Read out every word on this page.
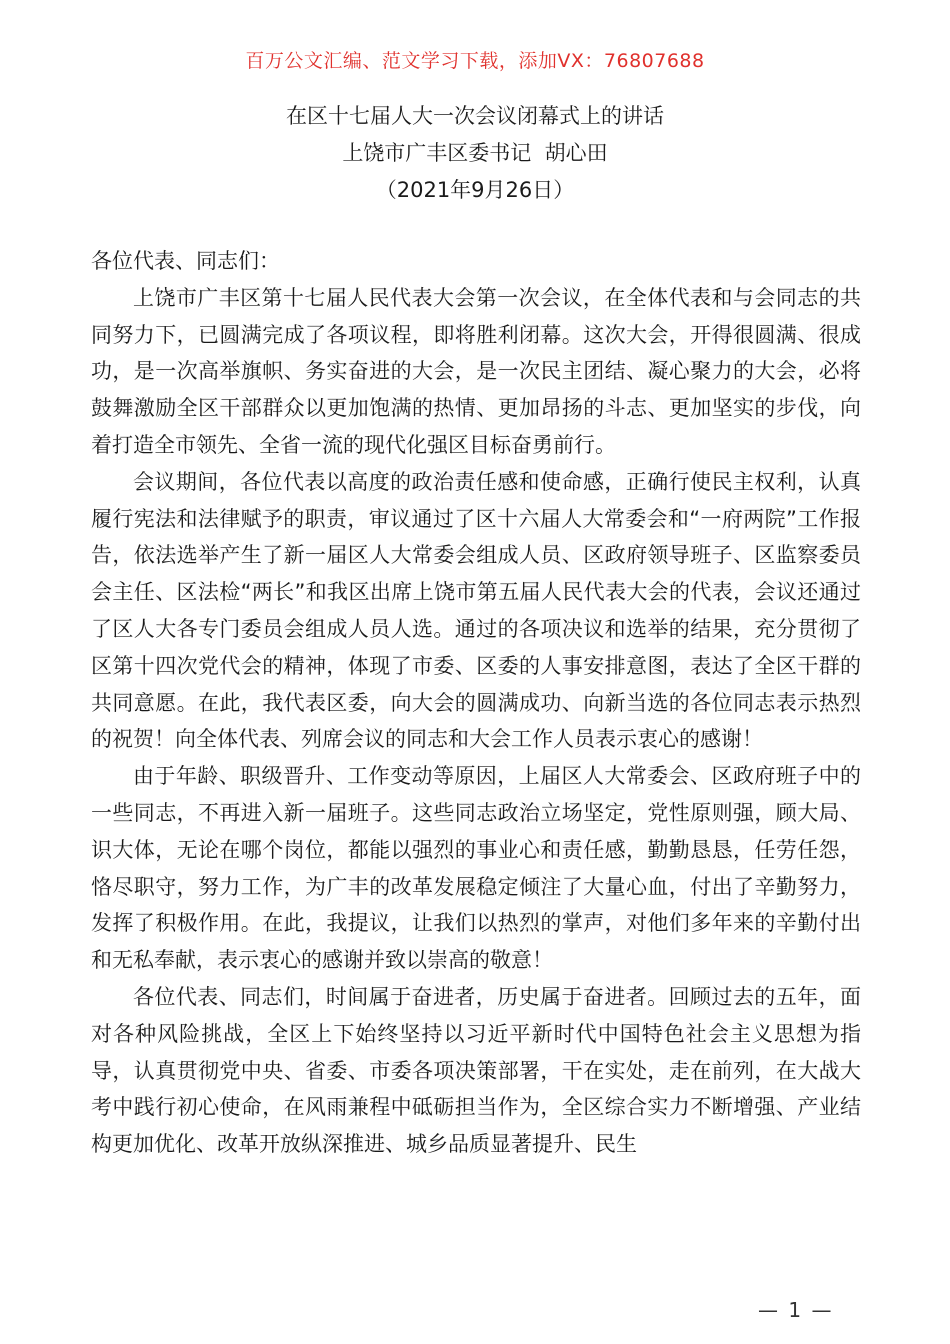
百万公文汇编、范文学习下载，添加VX：76807688
在区十七届人大一次会议闭幕式上的讲话
上饶市广丰区委书记  胡心田
（2021年9月26日）

各位代表、同志们：

上饶市广丰区第十七届人民代表大会第一次会议，在全体代表和与会同志的共同努力下，已圆满完成了各项议程，即将胜利闭幕。这次大会，开得很圆满、很成功，是一次高举旗帜、务实奋进的大会，是一次民主团结、凝心聚力的大会，必将鼓舞激励全区干部群众以更加饱满的热情、更加昂扬的斗志、更加坚实的步伐，向着打造全市领先、全省一流的现代化强区目标奋勇前行。

会议期间，各位代表以高度的政治责任感和使命感，正确行使民主权利，认真履行宪法和法律赋予的职责，审议通过了区十六届人大常委会和“一府两院”工作报告，依法选举产生了新一届区人大常委会组成人员、区政府领导班子、区监察委员会主任、区法检“两长”和我区出席上饶市第五届人民代表大会的代表，会议还通过了区人大各专门委员会组成人员人选。通过的各项决议和选举的结果，充分贯彻了区第十四次党代会的精神，体现了市委、区委的人事安排意图，表达了全区干群的共同意愿。在此，我代表区委，向大会的圆满成功、向新当选的各位同志表示热烈的祝贺！向全体代表、列席会议的同志和大会工作人员表示衷心的感谢！

由于年龄、职级晋升、工作变动等原因，上届区人大常委会、区政府班子中的一些同志，不再进入新一届班子。这些同志政治立场坚定，党性原则强，顾大局、识大体，无论在哪个岗位，都能以强烈的事业心和责任感，勤勤恳恳，任劳任怨，恪尽职守，努力工作，为广丰的改革发展稳定倾注了大量心血，付出了辛勤努力，发挥了积极作用。在此，我提议，让我们以热烈的掌声，对他们多年来的辛勤付出和无私奉献，表示衷心的感谢并致以崇高的敬意！

各位代表、同志们，时间属于奋进者，历史属于奋进者。回顾过去的五年，面对各种风险挑战，全区上下始终坚持以习近平新时代中国特色社会主义思想为指导，认真贯彻党中央、省委、市委各项决策部署，干在实处，走在前列，在大战大考中践行初心使命，在风雨兼程中砥砺担当作为，全区综合实力不断增强、产业结构更加优化、改革开放纵深推进、城乡品质显著提升、民生

— 1 —
